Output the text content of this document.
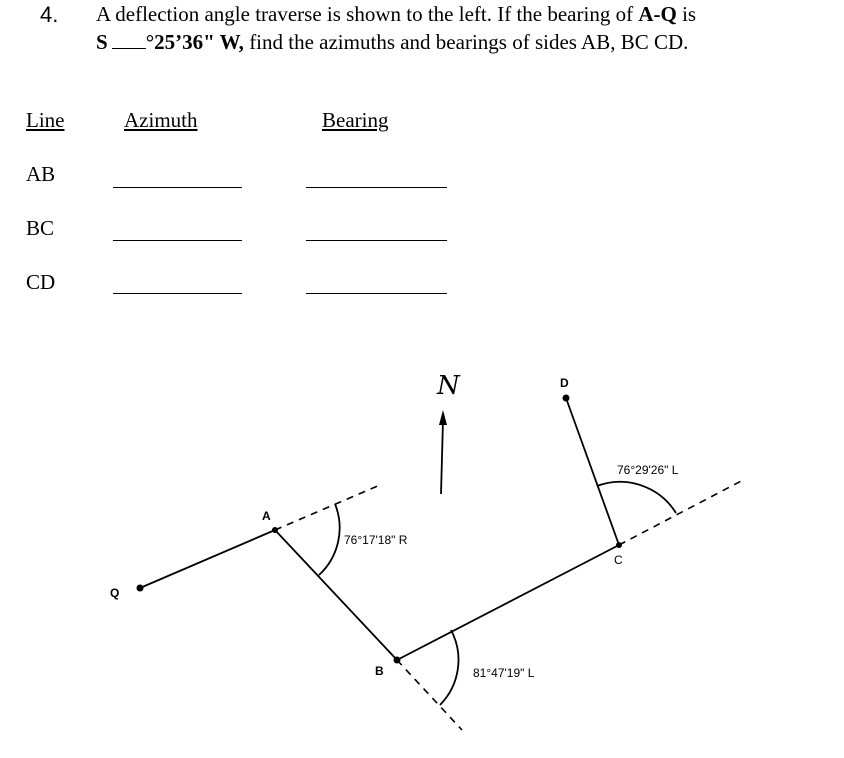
4. A deflection angle traverse is shown to the left. If the bearing of A-Q is
S °25’36" W, find the azimuths and bearings of sides AB, BC CD.
Line	Azimuth	Bearing
AB
BC
CD
N
Q
A
B
C
D
76°17'18" R
81°47'19" L
76°29'26" L
